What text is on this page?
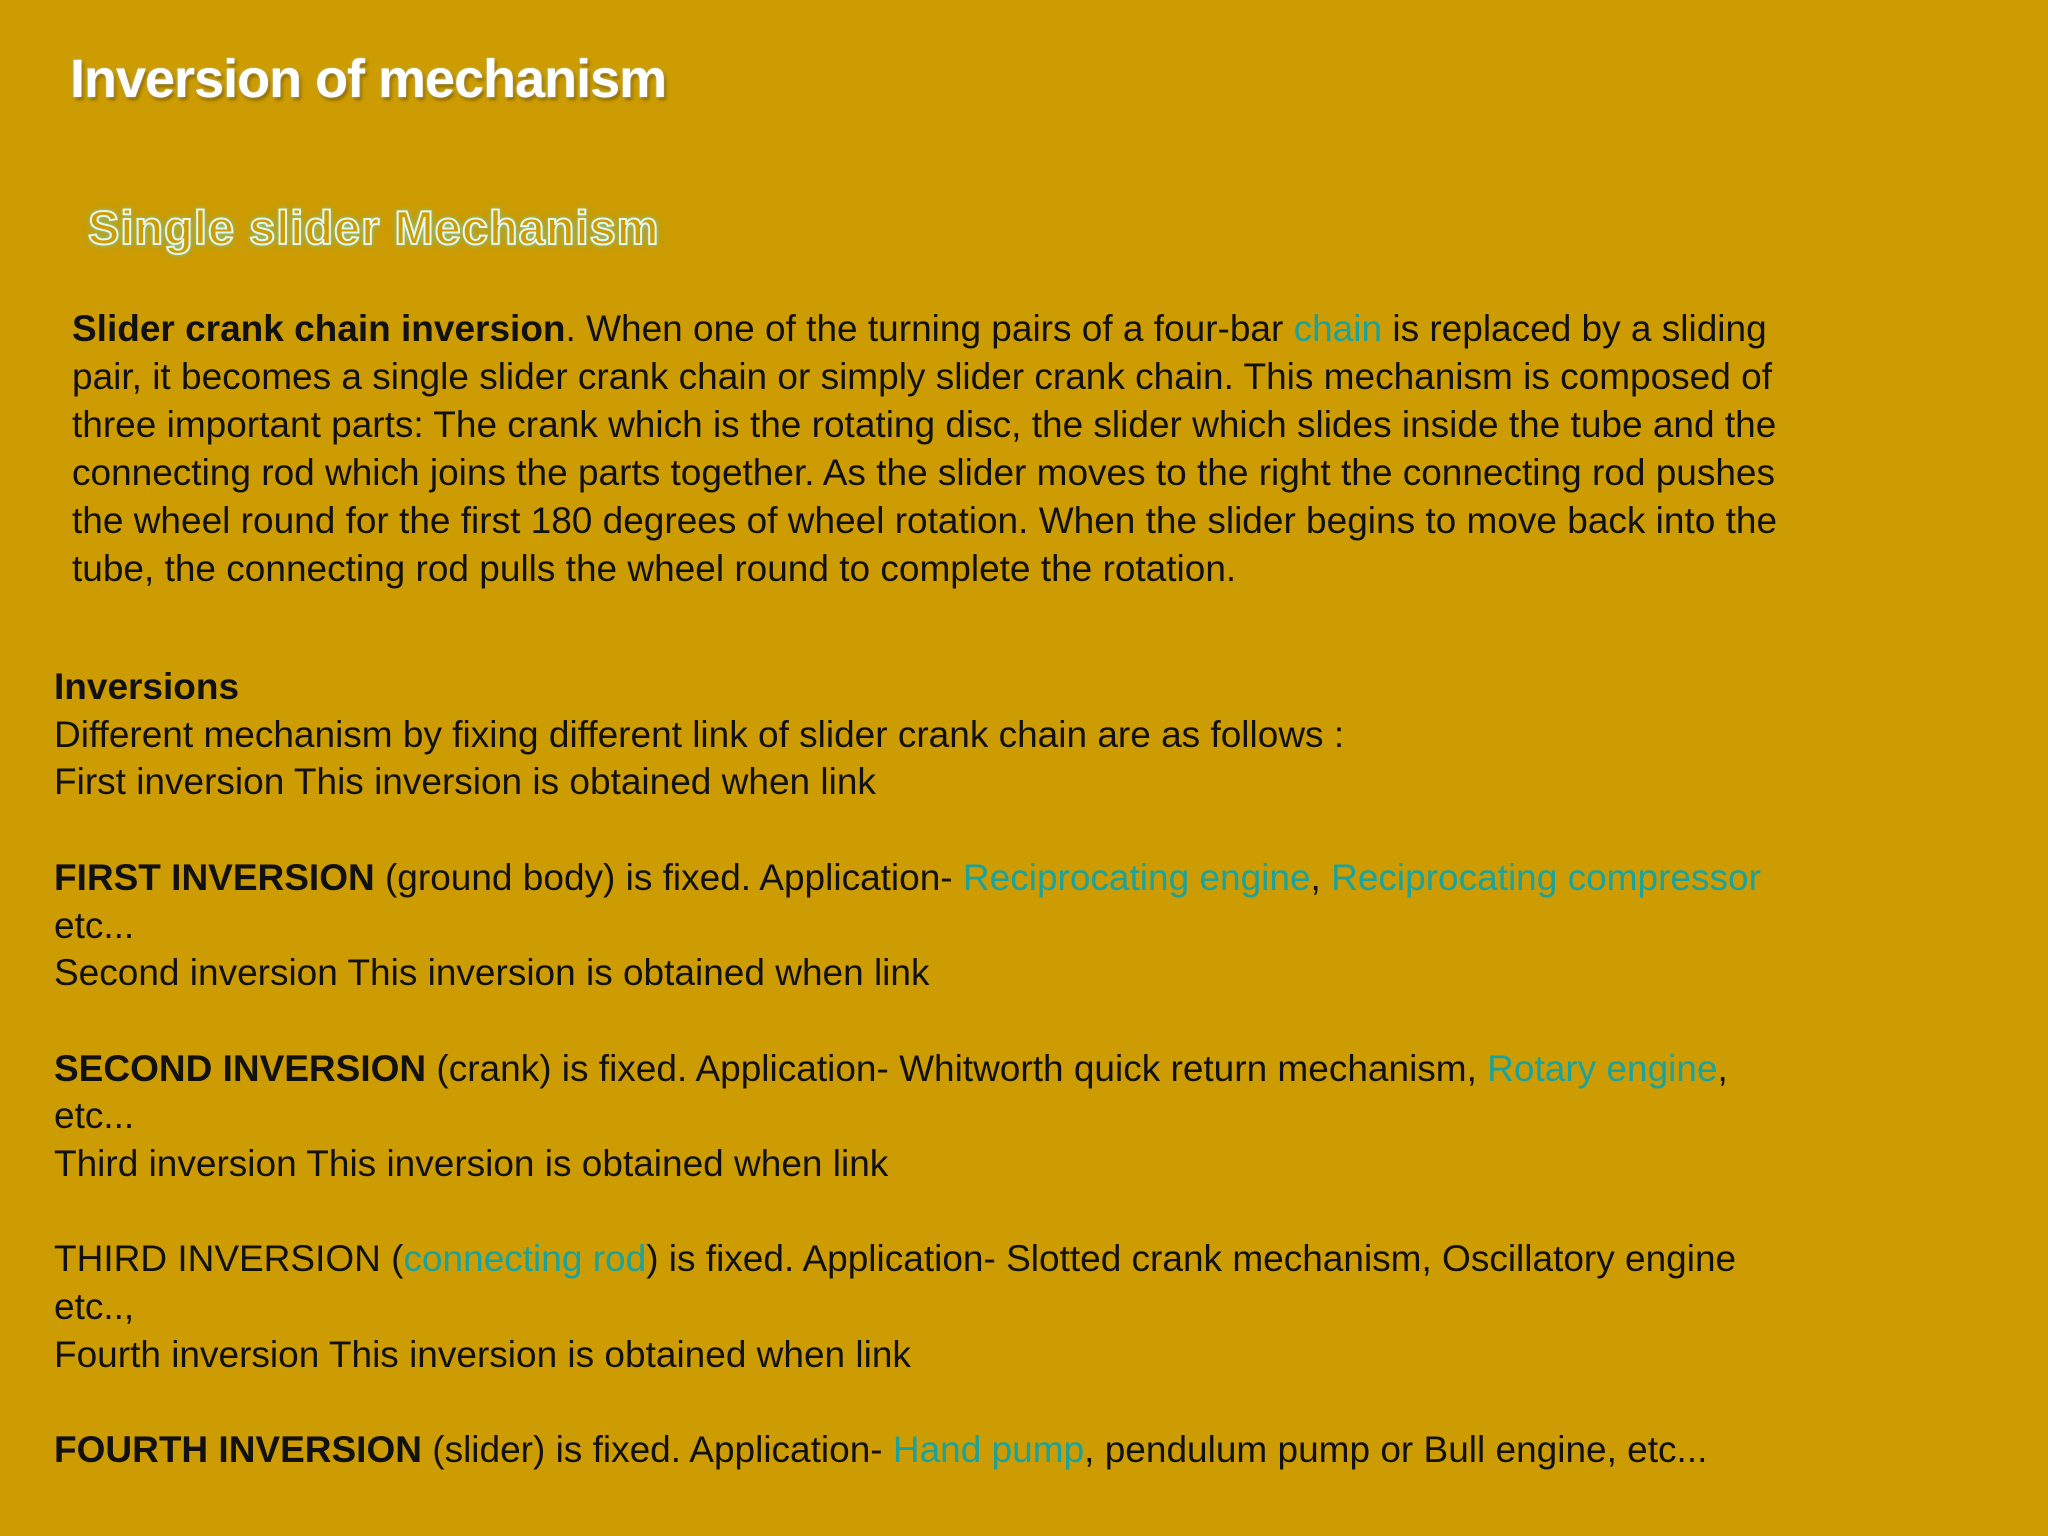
Inversion of mechanism
Single slider Mechanism

Slider crank chain inversion. When one of the turning pairs of a four-bar chain is replaced by a sliding pair, it becomes a single slider crank chain or simply slider crank chain. This mechanism is composed of three important parts: The crank which is the rotating disc, the slider which slides inside the tube and the connecting rod which joins the parts together. As the slider moves to the right the connecting rod pushes the wheel round for the first 180 degrees of wheel rotation. When the slider begins to move back into the tube, the connecting rod pulls the wheel round to complete the rotation.

Inversions
Different mechanism by fixing different link of slider crank chain are as follows :
First inversion This inversion is obtained when link
FIRST INVERSION (ground body) is fixed. Application- Reciprocating engine, Reciprocating compressor
etc...
Second inversion This inversion is obtained when link
SECOND INVERSION (crank) is fixed. Application- Whitworth quick return mechanism, Rotary engine,
etc...
Third inversion This inversion is obtained when link
THIRD INVERSION (connecting rod) is fixed. Application- Slotted crank mechanism, Oscillatory engine
etc..,
Fourth inversion This inversion is obtained when link
FOURTH INVERSION (slider) is fixed. Application- Hand pump, pendulum pump or Bull engine, etc...
